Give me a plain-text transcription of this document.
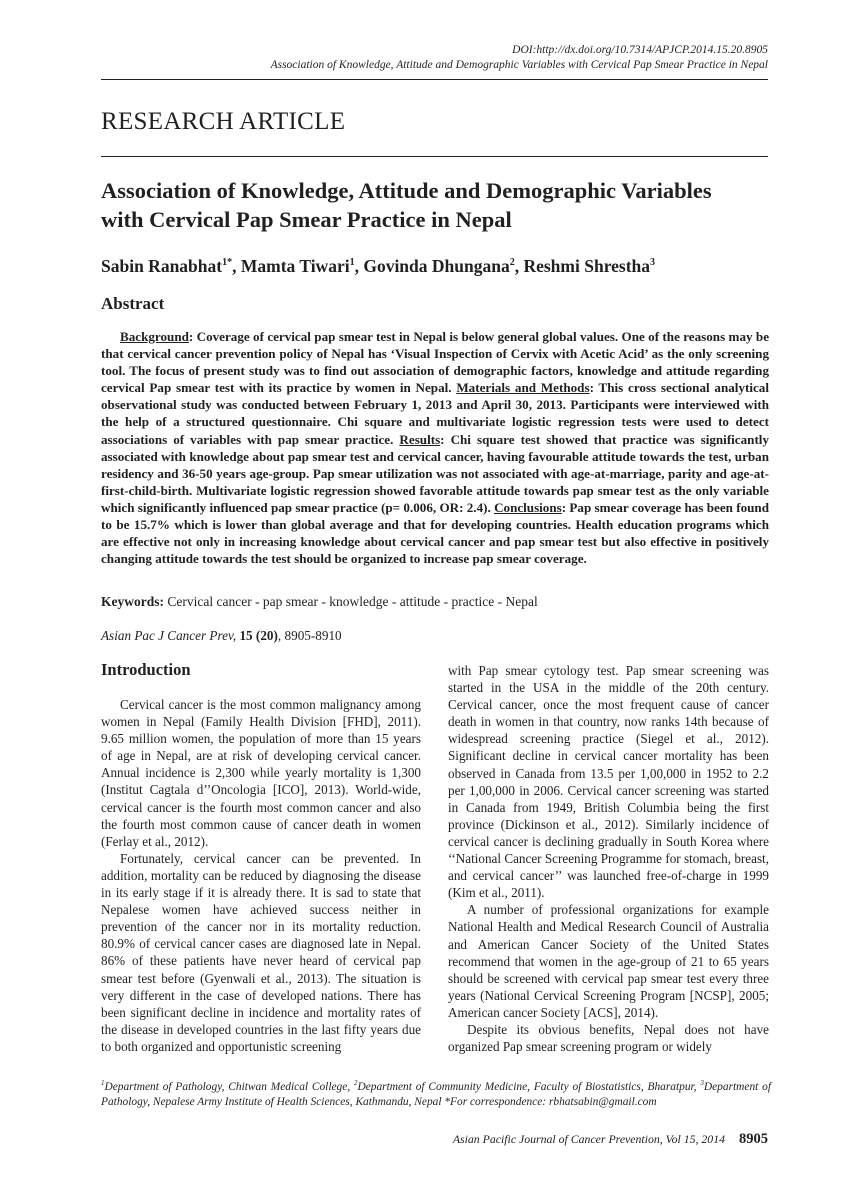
DOI:http://dx.doi.org/10.7314/APJCP.2014.15.20.8905
Association of Knowledge, Attitude and Demographic Variables with Cervical Pap Smear Practice in Nepal
RESEARCH ARTICLE
Association of Knowledge, Attitude and Demographic Variables
with Cervical Pap Smear Practice in Nepal
Sabin Ranabhat$^{1*}$, Mamta Tiwari$^1$, Govinda Dhungana$^2$, Reshmi Shrestha$^3$
Abstract
Background: Coverage of cervical pap smear test in Nepal is below general global values. One of the reasons may be that cervical cancer prevention policy of Nepal has ‘Visual Inspection of Cervix with Acetic Acid’ as the only screening tool. The focus of present study was to find out association of demographic factors, knowledge and attitude regarding cervical Pap smear test with its practice by women in Nepal. Materials and Methods: This cross sectional analytical observational study was conducted between February 1, 2013 and April 30, 2013. Participants were interviewed with the help of a structured questionnaire. Chi square and multivariate logistic regression tests were used to detect associations of variables with pap smear practice. Results: Chi square test showed that practice was significantly associated with knowledge about pap smear test and cervical cancer, having favourable attitude towards the test, urban residency and 36-50 years age-group. Pap smear utilization was not associated with age-at-marriage, parity and age-at-first-child-birth. Multivariate logistic regression showed favorable attitude towards pap smear test as the only variable which significantly influenced pap smear practice (p= 0.006, OR: 2.4). Conclusions: Pap smear coverage has been found to be 15.7% which is lower than global average and that for developing countries. Health education programs which are effective not only in increasing knowledge about cervical cancer and pap smear test but also effective in positively changing attitude towards the test should be organized to increase pap smear coverage.
Keywords: Cervical cancer - pap smear - knowledge - attitude - practice - Nepal
Asian Pac J Cancer Prev, 15 (20), 8905-8910
Introduction

Cervical cancer is the most common malignancy among women in Nepal (Family Health Division [FHD], 2011). 9.65 million women, the population of more than 15 years of age in Nepal, are at risk of developing cervical cancer. Annual incidence is 2,300 while yearly mortality is 1,300 (Institut Cagtala d’’Oncologia [ICO], 2013). World-wide, cervical cancer is the fourth most common cancer and also the fourth most common cause of cancer death in women (Ferlay et al., 2012).

Fortunately, cervical cancer can be prevented. In addition, mortality can be reduced by diagnosing the disease in its early stage if it is already there. It is sad to state that Nepalese women have achieved success neither in prevention of the cancer nor in its mortality reduction. 80.9% of cervical cancer cases are diagnosed late in Nepal. 86% of these patients have never heard of cervical pap smear test before (Gyenwali et al., 2013). The situation is very different in the case of developed nations. There has been significant decline in incidence and mortality rates of the disease in developed countries in the last fifty years due to both organized and opportunistic screening

with Pap smear cytology test. Pap smear screening was started in the USA in the middle of the 20th century. Cervical cancer, once the most frequent cause of cancer death in women in that country, now ranks 14th because of widespread screening practice (Siegel et al., 2012). Significant decline in cervical cancer mortality has been observed in Canada from 13.5 per 1,00,000 in 1952 to 2.2 per 1,00,000 in 2006. Cervical cancer screening was started in Canada from 1949, British Columbia being the first province (Dickinson et al., 2012). Similarly incidence of cervical cancer is declining gradually in South Korea where ‘‘National Cancer Screening Programme for stomach, breast, and cervical cancer’’ was launched free-of-charge in 1999 (Kim et al., 2011).

A number of professional organizations for example National Health and Medical Research Council of Australia and American Cancer Society of the United States recommend that women in the age-group of 21 to 65 years should be screened with cervical pap smear test every three years (National Cervical Screening Program [NCSP], 2005; American cancer Society [ACS], 2014).

Despite its obvious benefits, Nepal does not have organized Pap smear screening program or widely

$^1$Department of Pathology, Chitwan Medical College, $^2$Department of Community Medicine, Faculty of Biostatistics, Bharatpur, $^3$Department of Pathology, Nepalese Army Institute of Health Sciences, Kathmandu, Nepal *For correspondence: rbhatsabin@gmail.com
Asian Pacific Journal of Cancer Prevention, Vol 15, 2014 8905
